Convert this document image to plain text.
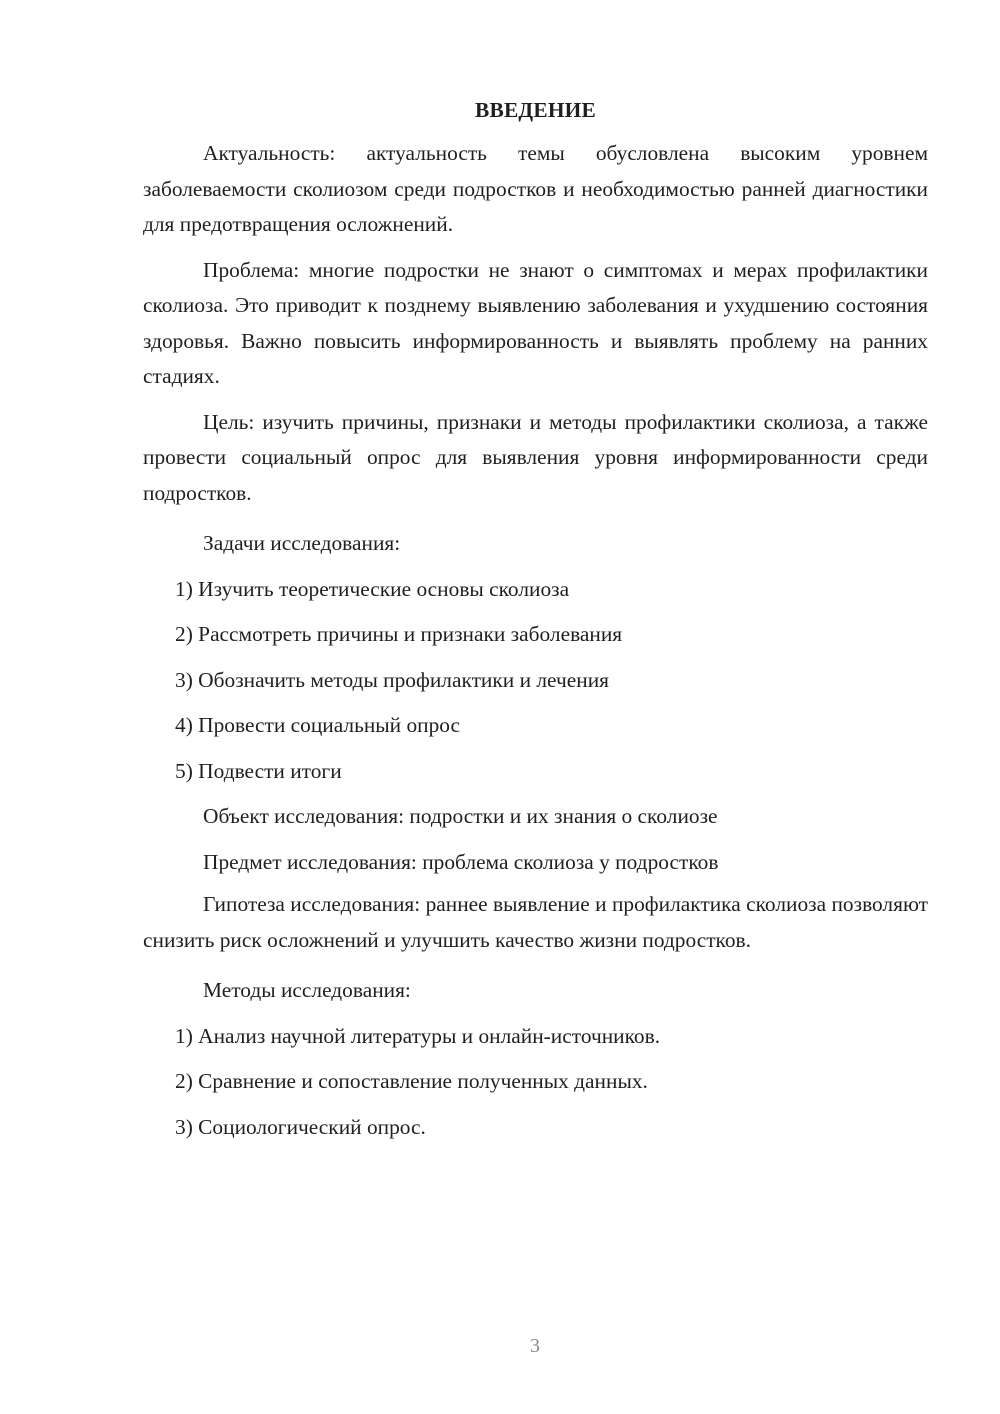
ВВЕДЕНИЕ

Актуальность: актуальность темы обусловлена высоким уровнем заболеваемости сколиозом среди подростков и необходимостью ранней диагностики для предотвращения осложнений.

Проблема: многие подростки не знают о симптомах и мерах профилактики сколиоза. Это приводит к позднему выявлению заболевания и ухудшению состояния здоровья. Важно повысить информированность и выявлять проблему на ранних стадиях.

Цель: изучить причины, признаки и методы профилактики сколиоза, а также провести социальный опрос для выявления уровня информированности среди подростков.

Задачи исследования:

1) Изучить теоретические основы сколиоза
2) Рассмотреть причины и признаки заболевания
3) Обозначить методы профилактики и лечения
4) Провести социальный опрос
5) Подвести итоги

Объект исследования: подростки и их знания о сколиозе

Предмет исследования: проблема сколиоза у подростков

Гипотеза исследования: раннее выявление и профилактика сколиоза позволяют снизить риск осложнений и улучшить качество жизни подростков.

Методы исследования:

1) Анализ научной литературы и онлайн-источников.
2) Сравнение и сопоставление полученных данных.
3) Социологический опрос.
3
